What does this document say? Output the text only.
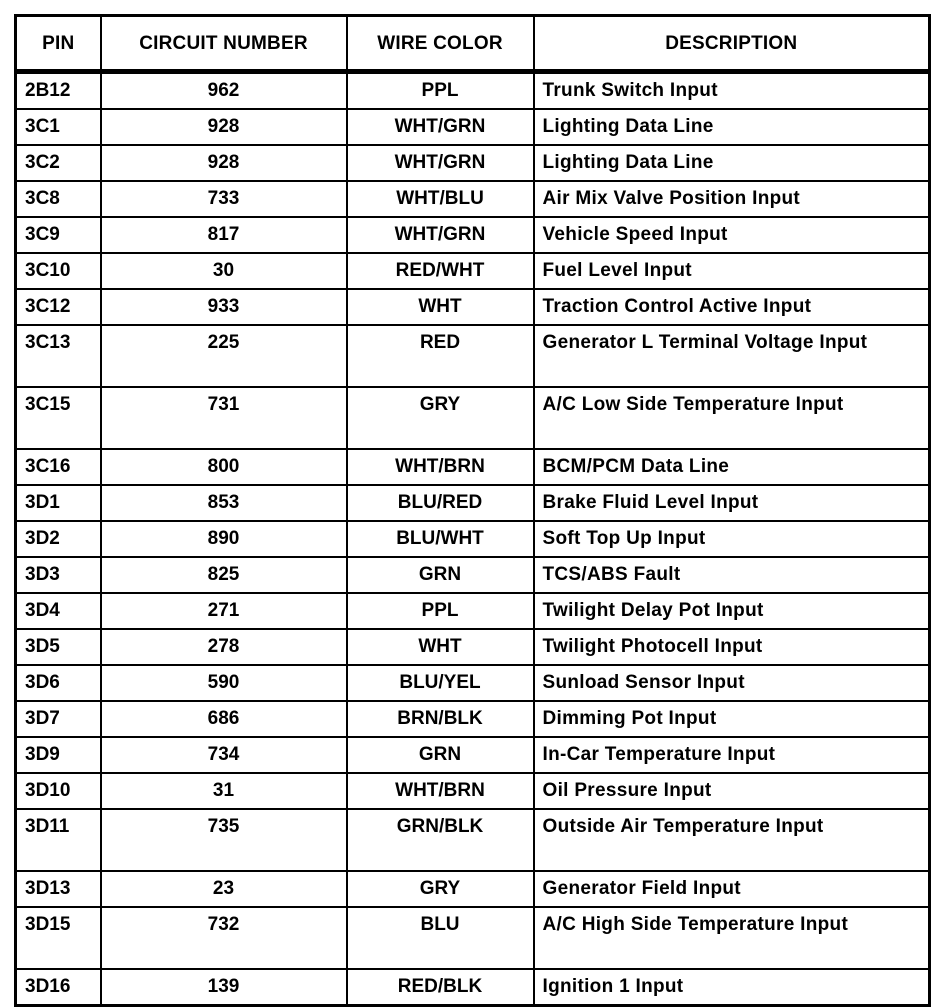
PIN	CIRCUIT NUMBER	WIRE COLOR	DESCRIPTION
2B12	962	PPL	Trunk Switch Input
3C1	928	WHT/GRN	Lighting Data Line
3C2	928	WHT/GRN	Lighting Data Line
3C8	733	WHT/BLU	Air Mix Valve Position Input
3C9	817	WHT/GRN	Vehicle Speed Input
3C10	30	RED/WHT	Fuel Level Input
3C12	933	WHT	Traction Control Active Input
3C13	225	RED	Generator L Terminal Voltage Input
3C15	731	GRY	A/C Low Side Temperature Input
3C16	800	WHT/BRN	BCM/PCM Data Line
3D1	853	BLU/RED	Brake Fluid Level Input
3D2	890	BLU/WHT	Soft Top Up Input
3D3	825	GRN	TCS/ABS Fault
3D4	271	PPL	Twilight Delay Pot Input
3D5	278	WHT	Twilight Photocell Input
3D6	590	BLU/YEL	Sunload Sensor Input
3D7	686	BRN/BLK	Dimming Pot Input
3D9	734	GRN	In-Car Temperature Input
3D10	31	WHT/BRN	Oil Pressure Input
3D11	735	GRN/BLK	Outside Air Temperature Input
3D13	23	GRY	Generator Field Input
3D15	732	BLU	A/C High Side Temperature Input
3D16	139	RED/BLK	Ignition 1 Input
